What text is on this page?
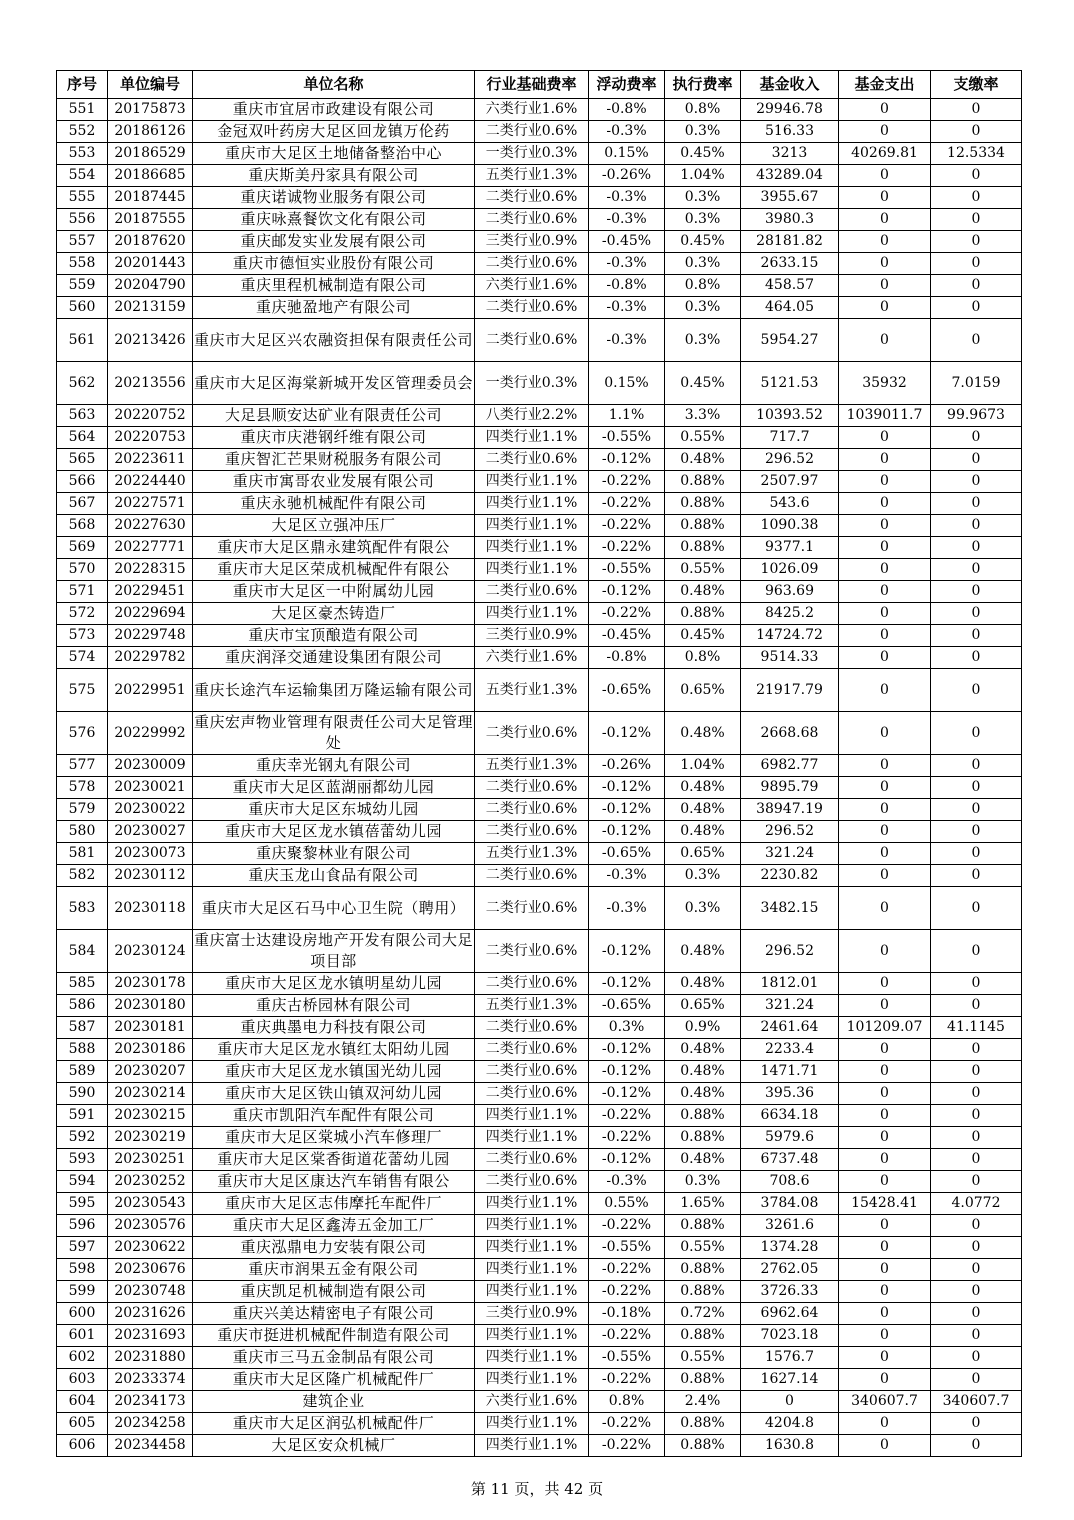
序号	单位编号	单位名称	行业基础费率	浮动费率	执行费率	基金收入	基金支出	支缴率
551	20175873	重庆市宜居市政建设有限公司	六类行业1.6%	-0.8%	0.8%	29946.78	0	0
552	20186126	金冠双叶药房大足区回龙镇万伦药	二类行业0.6%	-0.3%	0.3%	516.33	0	0
553	20186529	重庆市大足区土地储备整治中心	一类行业0.3%	0.15%	0.45%	3213	40269.81	12.5334
554	20186685	重庆斯美丹家具有限公司	五类行业1.3%	-0.26%	1.04%	43289.04	0	0
555	20187445	重庆诺诚物业服务有限公司	二类行业0.6%	-0.3%	0.3%	3955.67	0	0
556	20187555	重庆咏熹餐饮文化有限公司	二类行业0.6%	-0.3%	0.3%	3980.3	0	0
557	20187620	重庆邮发实业发展有限公司	三类行业0.9%	-0.45%	0.45%	28181.82	0	0
558	20201443	重庆市德恒实业股份有限公司	二类行业0.6%	-0.3%	0.3%	2633.15	0	0
559	20204790	重庆里程机械制造有限公司	六类行业1.6%	-0.8%	0.8%	458.57	0	0
560	20213159	重庆驰盈地产有限公司	二类行业0.6%	-0.3%	0.3%	464.05	0	0
561	20213426	重庆市大足区兴农融资担保有限责任公司	二类行业0.6%	-0.3%	0.3%	5954.27	0	0
562	20213556	重庆市大足区海棠新城开发区管理委员会	一类行业0.3%	0.15%	0.45%	5121.53	35932	7.0159
563	20220752	大足县顺安达矿业有限责任公司	八类行业2.2%	1.1%	3.3%	10393.52	1039011.7	99.9673
564	20220753	重庆市庆港钢纤维有限公司	四类行业1.1%	-0.55%	0.55%	717.7	0	0
565	20223611	重庆智汇芒果财税服务有限公司	二类行业0.6%	-0.12%	0.48%	296.52	0	0
566	20224440	重庆市寓哥农业发展有限公司	四类行业1.1%	-0.22%	0.88%	2507.97	0	0
567	20227571	重庆永驰机械配件有限公司	四类行业1.1%	-0.22%	0.88%	543.6	0	0
568	20227630	大足区立强冲压厂	四类行业1.1%	-0.22%	0.88%	1090.38	0	0
569	20227771	重庆市大足区鼎永建筑配件有限公	四类行业1.1%	-0.22%	0.88%	9377.1	0	0
570	20228315	重庆市大足区荣成机械配件有限公	四类行业1.1%	-0.55%	0.55%	1026.09	0	0
571	20229451	重庆市大足区一中附属幼儿园	二类行业0.6%	-0.12%	0.48%	963.69	0	0
572	20229694	大足区豪杰铸造厂	四类行业1.1%	-0.22%	0.88%	8425.2	0	0
573	20229748	重庆市宝顶酿造有限公司	三类行业0.9%	-0.45%	0.45%	14724.72	0	0
574	20229782	重庆润泽交通建设集团有限公司	六类行业1.6%	-0.8%	0.8%	9514.33	0	0
575	20229951	重庆长途汽车运输集团万隆运输有限公司	五类行业1.3%	-0.65%	0.65%	21917.79	0	0
576	20229992	重庆宏声物业管理有限责任公司大足管理处	二类行业0.6%	-0.12%	0.48%	2668.68	0	0
577	20230009	重庆幸光钢丸有限公司	五类行业1.3%	-0.26%	1.04%	6982.77	0	0
578	20230021	重庆市大足区蓝湖丽都幼儿园	二类行业0.6%	-0.12%	0.48%	9895.79	0	0
579	20230022	重庆市大足区东城幼儿园	二类行业0.6%	-0.12%	0.48%	38947.19	0	0
580	20230027	重庆市大足区龙水镇蓓蕾幼儿园	二类行业0.6%	-0.12%	0.48%	296.52	0	0
581	20230073	重庆聚黎林业有限公司	五类行业1.3%	-0.65%	0.65%	321.24	0	0
582	20230112	重庆玉龙山食品有限公司	二类行业0.6%	-0.3%	0.3%	2230.82	0	0
583	20230118	重庆市大足区石马中心卫生院（聘用）	二类行业0.6%	-0.3%	0.3%	3482.15	0	0
584	20230124	重庆富士达建设房地产开发有限公司大足项目部	二类行业0.6%	-0.12%	0.48%	296.52	0	0
585	20230178	重庆市大足区龙水镇明星幼儿园	二类行业0.6%	-0.12%	0.48%	1812.01	0	0
586	20230180	重庆古桥园林有限公司	五类行业1.3%	-0.65%	0.65%	321.24	0	0
587	20230181	重庆典墨电力科技有限公司	二类行业0.6%	0.3%	0.9%	2461.64	101209.07	41.1145
588	20230186	重庆市大足区龙水镇红太阳幼儿园	二类行业0.6%	-0.12%	0.48%	2233.4	0	0
589	20230207	重庆市大足区龙水镇国光幼儿园	二类行业0.6%	-0.12%	0.48%	1471.71	0	0
590	20230214	重庆市大足区铁山镇双河幼儿园	二类行业0.6%	-0.12%	0.48%	395.36	0	0
591	20230215	重庆市凯阳汽车配件有限公司	四类行业1.1%	-0.22%	0.88%	6634.18	0	0
592	20230219	重庆市大足区棠城小汽车修理厂	四类行业1.1%	-0.22%	0.88%	5979.6	0	0
593	20230251	重庆市大足区棠香街道花蕾幼儿园	二类行业0.6%	-0.12%	0.48%	6737.48	0	0
594	20230252	重庆市大足区康达汽车销售有限公	二类行业0.6%	-0.3%	0.3%	708.6	0	0
595	20230543	重庆市大足区志伟摩托车配件厂	四类行业1.1%	0.55%	1.65%	3784.08	15428.41	4.0772
596	20230576	重庆市大足区鑫涛五金加工厂	四类行业1.1%	-0.22%	0.88%	3261.6	0	0
597	20230622	重庆泓鼎电力安装有限公司	四类行业1.1%	-0.55%	0.55%	1374.28	0	0
598	20230676	重庆市润果五金有限公司	四类行业1.1%	-0.22%	0.88%	2762.05	0	0
599	20230748	重庆凯足机械制造有限公司	四类行业1.1%	-0.22%	0.88%	3726.33	0	0
600	20231626	重庆兴美达精密电子有限公司	三类行业0.9%	-0.18%	0.72%	6962.64	0	0
601	20231693	重庆市挺进机械配件制造有限公司	四类行业1.1%	-0.22%	0.88%	7023.18	0	0
602	20231880	重庆市三马五金制品有限公司	四类行业1.1%	-0.55%	0.55%	1576.7	0	0
603	20233374	重庆市大足区隆广机械配件厂	四类行业1.1%	-0.22%	0.88%	1627.14	0	0
604	20234173	建筑企业	六类行业1.6%	0.8%	2.4%	0	340607.7	340607.7
605	20234258	重庆市大足区润弘机械配件厂	四类行业1.1%	-0.22%	0.88%	4204.8	0	0
606	20234458	大足区安众机械厂	四类行业1.1%	-0.22%	0.88%	1630.8	0	0
第 11 页，共 42 页
